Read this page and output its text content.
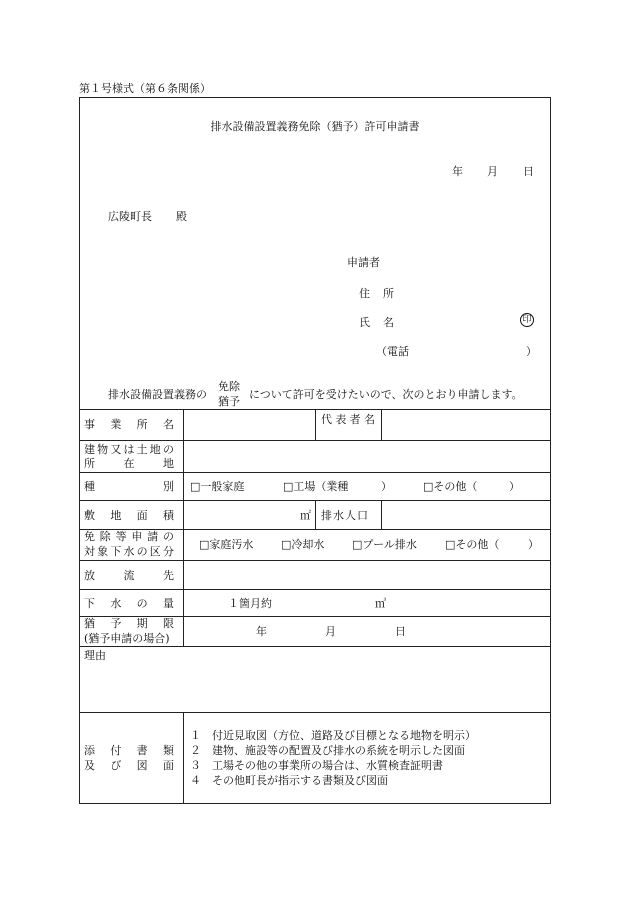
第１号様式（第６条関係）
排水設備設置義務免除（猶予）許可申請書
年 月 日
広陵町長 殿
申請者
住 所
氏 名	印
（電話	）
排水設備設置義務の
免除
猶予
について許可を受けたいので、次のとおり申請します。
事 業 所 名	代 表 者 名
建 物 又 は 土 地 の
所	在	地
種	別 □一般家庭	□工場（業種	）	□その他（	）
敷 地 面 積	㎡ 排水人口
免 除 等 申 請 の
対 象 下 水 の 区 分
□家庭汚水	□冷却水	□プール排水	□その他（	）
放	流	先
下 水 の 量	１箇月約	㎥
猶 予 期 限
(猶予申請の場合)
年	月	日
理由
添 付 書 類
及 び 図 面
１　付近見取図（方位、道路及び目標となる地物を明示）
２　建物、施設等の配置及び排水の系統を明示した図面
３　工場その他の事業所の場合は、水質検査証明書
４　その他町長が指示する書類及び図面
